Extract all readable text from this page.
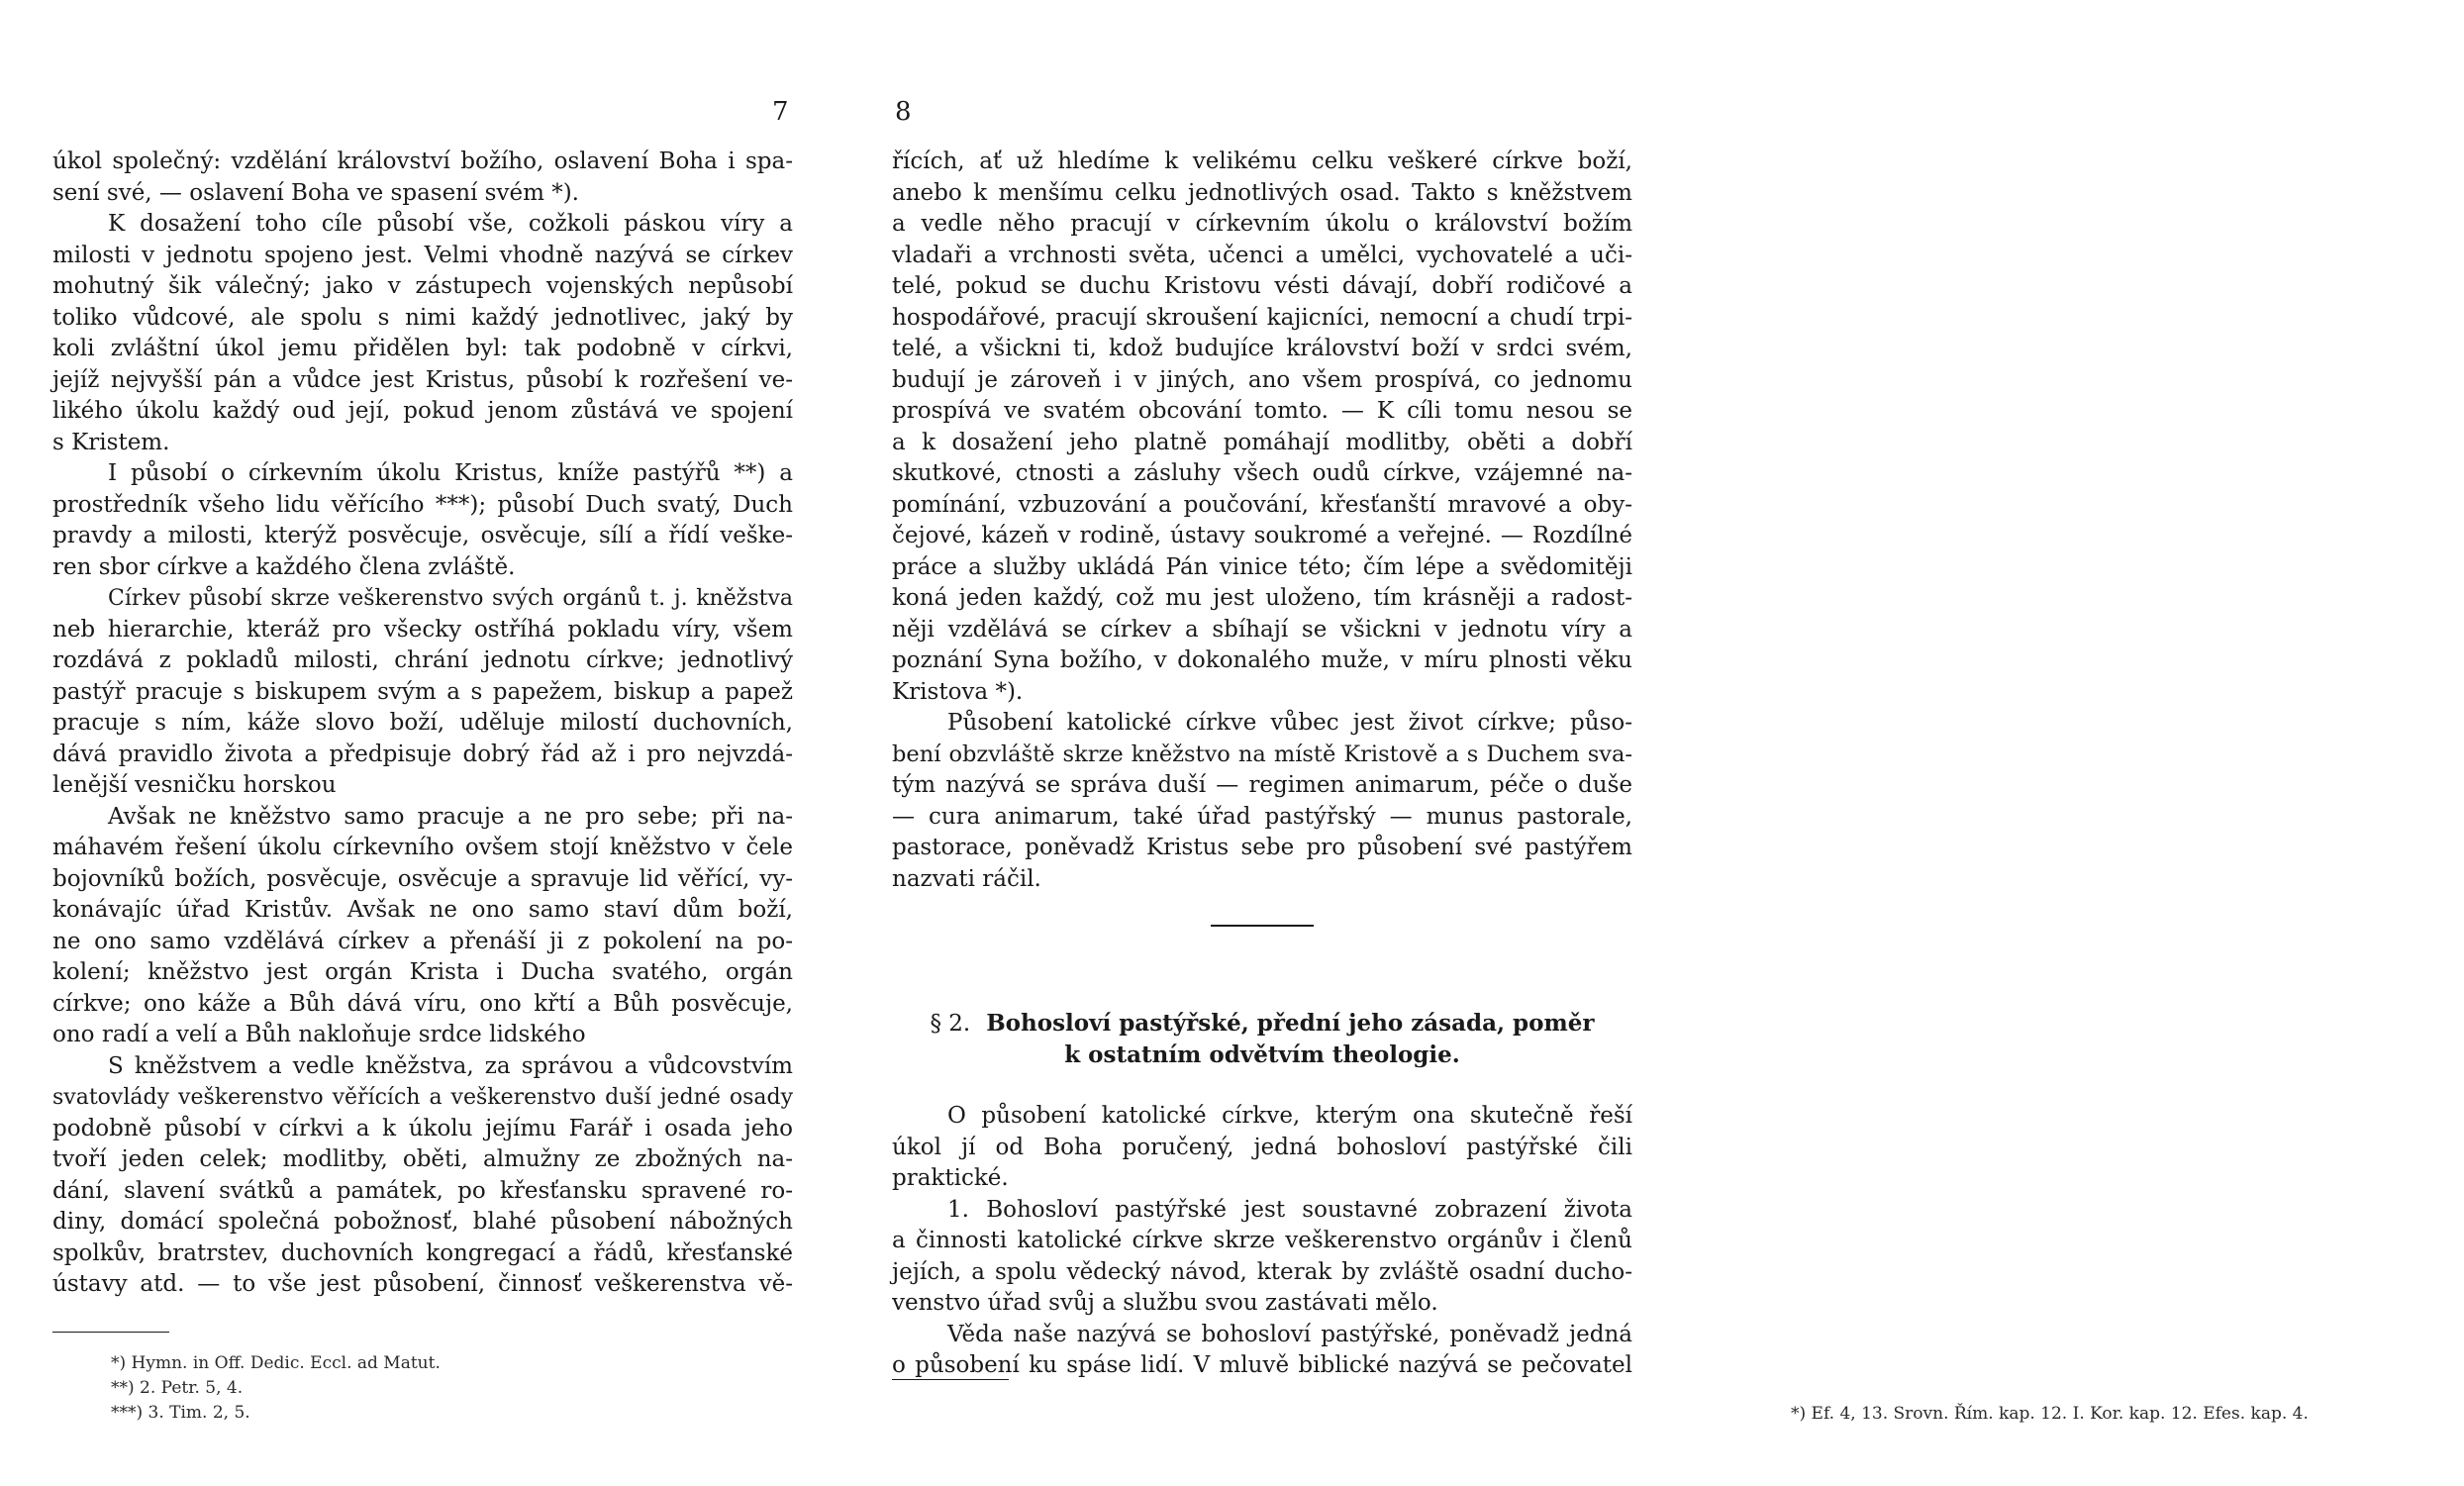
7
úkol společný: vzdělání království božího, oslavení Boha i spa-
sení své, — oslavení Boha ve spasení svém *).
K dosažení toho cíle působí vše, cožkoli páskou víry a
milosti v jednotu spojeno jest. Velmi vhodně nazývá se církev
mohutný šik válečný; jako v zástupech vojenských nepůsobí
toliko vůdcové, ale spolu s nimi každý jednotlivec, jaký by
koli zvláštní úkol jemu přidělen byl: tak podobně v církvi,
jejíž nejvyšší pán a vůdce jest Kristus, působí k rozřešení ve-
likého úkolu každý oud její, pokud jenom zůstává ve spojení
s Kristem.
I působí o církevním úkolu Kristus, kníže pastýřů **) a
prostředník všeho lidu věřícího ***); působí Duch svatý, Duch
pravdy a milosti, kterýž posvěcuje, osvěcuje, sílí a řídí veške-
ren sbor církve a každého člena zvláště.
Církev působí skrze veškerenstvo svých orgánů t. j. kněžstva
neb hierarchie, kteráž pro všecky ostříhá pokladu víry, všem
rozdává z pokladů milosti, chrání jednotu církve; jednotlivý
pastýř pracuje s biskupem svým a s papežem, biskup a papež
pracuje s ním, káže slovo boží, uděluje milostí duchovních,
dává pravidlo života a předpisuje dobrý řád až i pro nejvzdá-
lenější vesničku horskou
Avšak ne kněžstvo samo pracuje a ne pro sebe; při na-
máhavém řešení úkolu církevního ovšem stojí kněžstvo v čele
bojovníků božích, posvěcuje, osvěcuje a spravuje lid věřící, vy-
konávajíc úřad Kristův. Avšak ne ono samo staví dům boží,
ne ono samo vzdělává církev a přenáší ji z pokolení na po-
kolení; kněžstvo jest orgán Krista i Ducha svatého, orgán
církve; ono káže a Bůh dává víru, ono křtí a Bůh posvěcuje,
ono radí a velí a Bůh nakloňuje srdce lidského
S kněžstvem a vedle kněžstva, za správou a vůdcovstvím
svatovlády veškerenstvo věřících a veškerenstvo duší jedné osady
podobně působí v církvi a k úkolu jejímu Farář i osada jeho
tvoří jeden celek; modlitby, oběti, almužny ze zbožných na-
dání, slavení svátků a památek, po křesťansku spravené ro-
diny, domácí společná pobožnosť, blahé působení nábožných
spolkův, bratrstev, duchovních kongregací a řádů, křesťanské
ústavy atd. — to vše jest působení, činnosť veškerenstva vě-
*) Hymn. in Off. Dedic. Eccl. ad Matut.
**) 2. Petr. 5, 4.
***) 3. Tim. 2, 5.
8
řících, ať už hledíme k velikému celku veškeré církve boží,
anebo k menšímu celku jednotlivých osad. Takto s kněžstvem
a vedle něho pracují v církevním úkolu o království božím
vladaři a vrchnosti světa, učenci a umělci, vychovatelé a uči-
telé, pokud se duchu Kristovu vésti dávají, dobří rodičové a
hospodářové, pracují skroušení kajicníci, nemocní a chudí trpi-
telé, a všickni ti, kdož budujíce království boží v srdci svém,
budují je zároveň i v jiných, ano všem prospívá, co jednomu
prospívá ve svatém obcování tomto. — K cíli tomu nesou se
a k dosažení jeho platně pomáhají modlitby, oběti a dobří
skutkové, ctnosti a zásluhy všech oudů církve, vzájemné na-
pomínání, vzbuzování a poučování, křesťanští mravové a oby-
čejové, kázeň v rodině, ústavy soukromé a veřejné. — Rozdílné
práce a služby ukládá Pán vinice této; čím lépe a svědomitěji
koná jeden každý, což mu jest uloženo, tím krásněji a radost-
něji vzdělává se církev a sbíhají se všickni v jednotu víry a
poznání Syna božího, v dokonalého muže, v míru plnosti věku
Kristova *).
Působení katolické církve vůbec jest život církve; půso-
bení obzvláště skrze kněžstvo na místě Kristově a s Duchem sva-
tým nazývá se správa duší — regimen animarum, péče o duše
— cura animarum, také úřad pastýřský — munus pastorale,
pastorace, poněvadž Kristus sebe pro působení své pastýřem
nazvati ráčil.
§ 2. Bohosloví pastýřské, přední jeho zásada, poměr
k ostatním odvětvím theologie.
O působení katolické církve, kterým ona skutečně řeší
úkol jí od Boha poručený, jedná bohosloví pastýřské čili
praktické.
1. Bohosloví pastýřské jest soustavné zobrazení života
a činnosti katolické církve skrze veškerenstvo orgánův i členů
jejích, a spolu vědecký návod, kterak by zvláště osadní ducho-
venstvo úřad svůj a službu svou zastávati mělo.
Věda naše nazývá se bohosloví pastýřské, poněvadž jedná
o působení ku spáse lidí. V mluvě biblické nazývá se pečovatel
*) Ef. 4, 13. Srovn. Řím. kap. 12. I. Kor. kap. 12. Efes. kap. 4.
